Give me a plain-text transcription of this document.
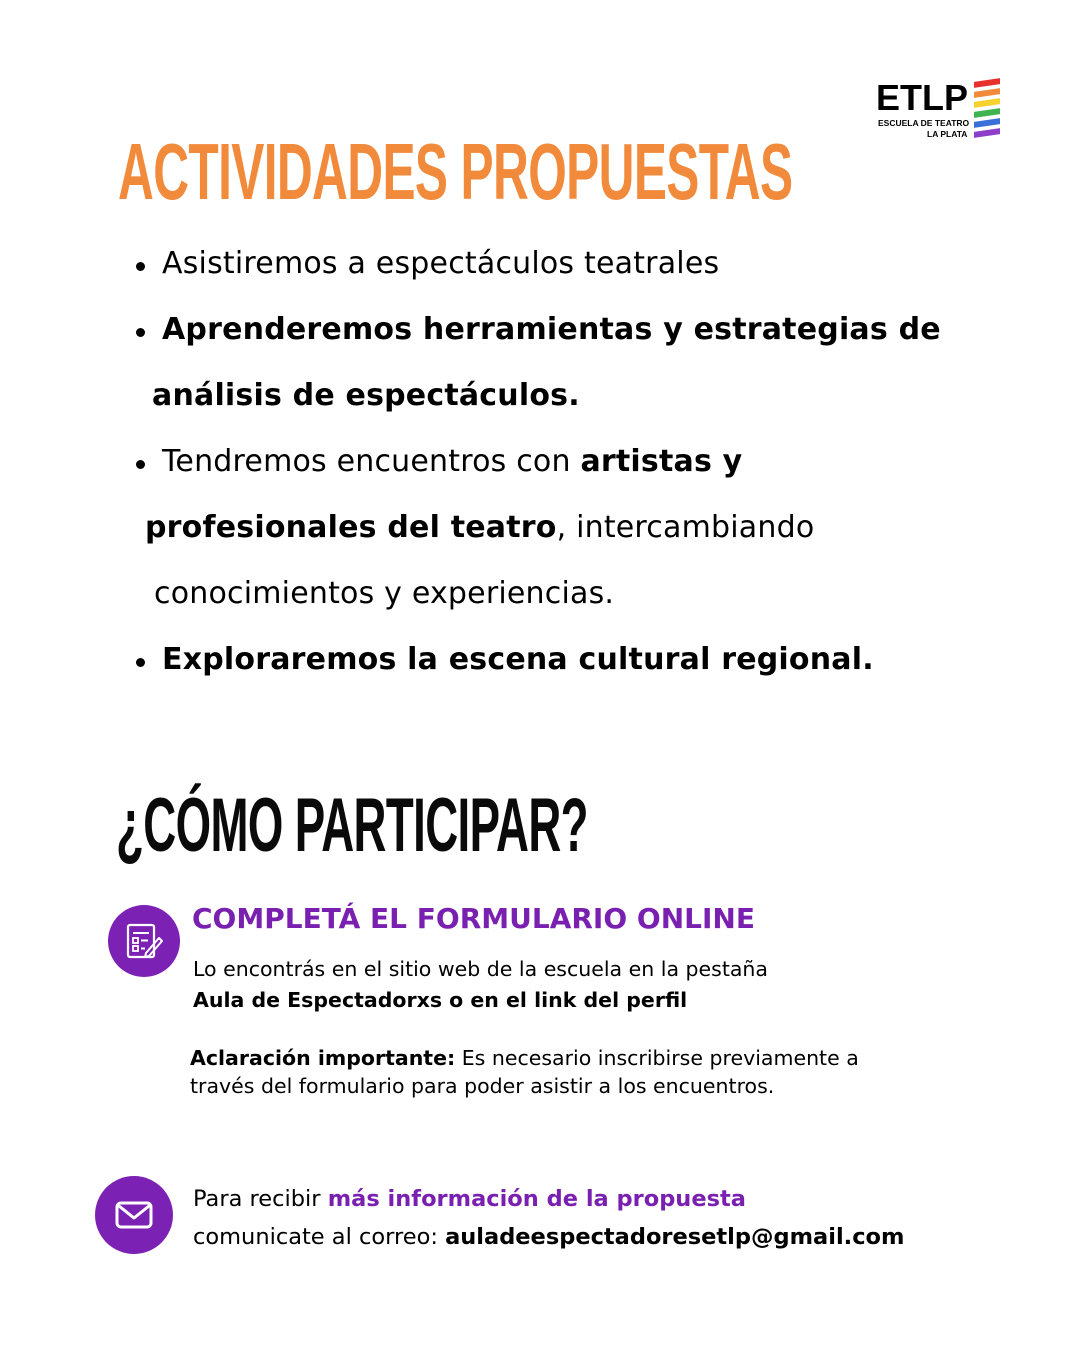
ETLP
ESCUELA DE TEATRO
LA PLATA
ACTIVIDADES PROPUESTAS
Asistiremos a espectáculos teatrales
Aprenderemos herramientas y estrategias de
análisis de espectáculos.
Tendremos encuentros con artistas y
profesionales del teatro, intercambiando
conocimientos y experiencias.
Exploraremos la escena cultural regional.
¿CÓMO PARTICIPAR?
COMPLETÁ EL FORMULARIO ONLINE
Lo encontrás en el sitio web de la escuela en la pestaña
Aula de Espectadorxs o en el link del perfil
Aclaración importante: Es necesario inscribirse previamente a
través del formulario para poder asistir a los encuentros.
Para recibir más información de la propuesta
comunicate al correo: auladeespectadoresetlp@gmail.com
